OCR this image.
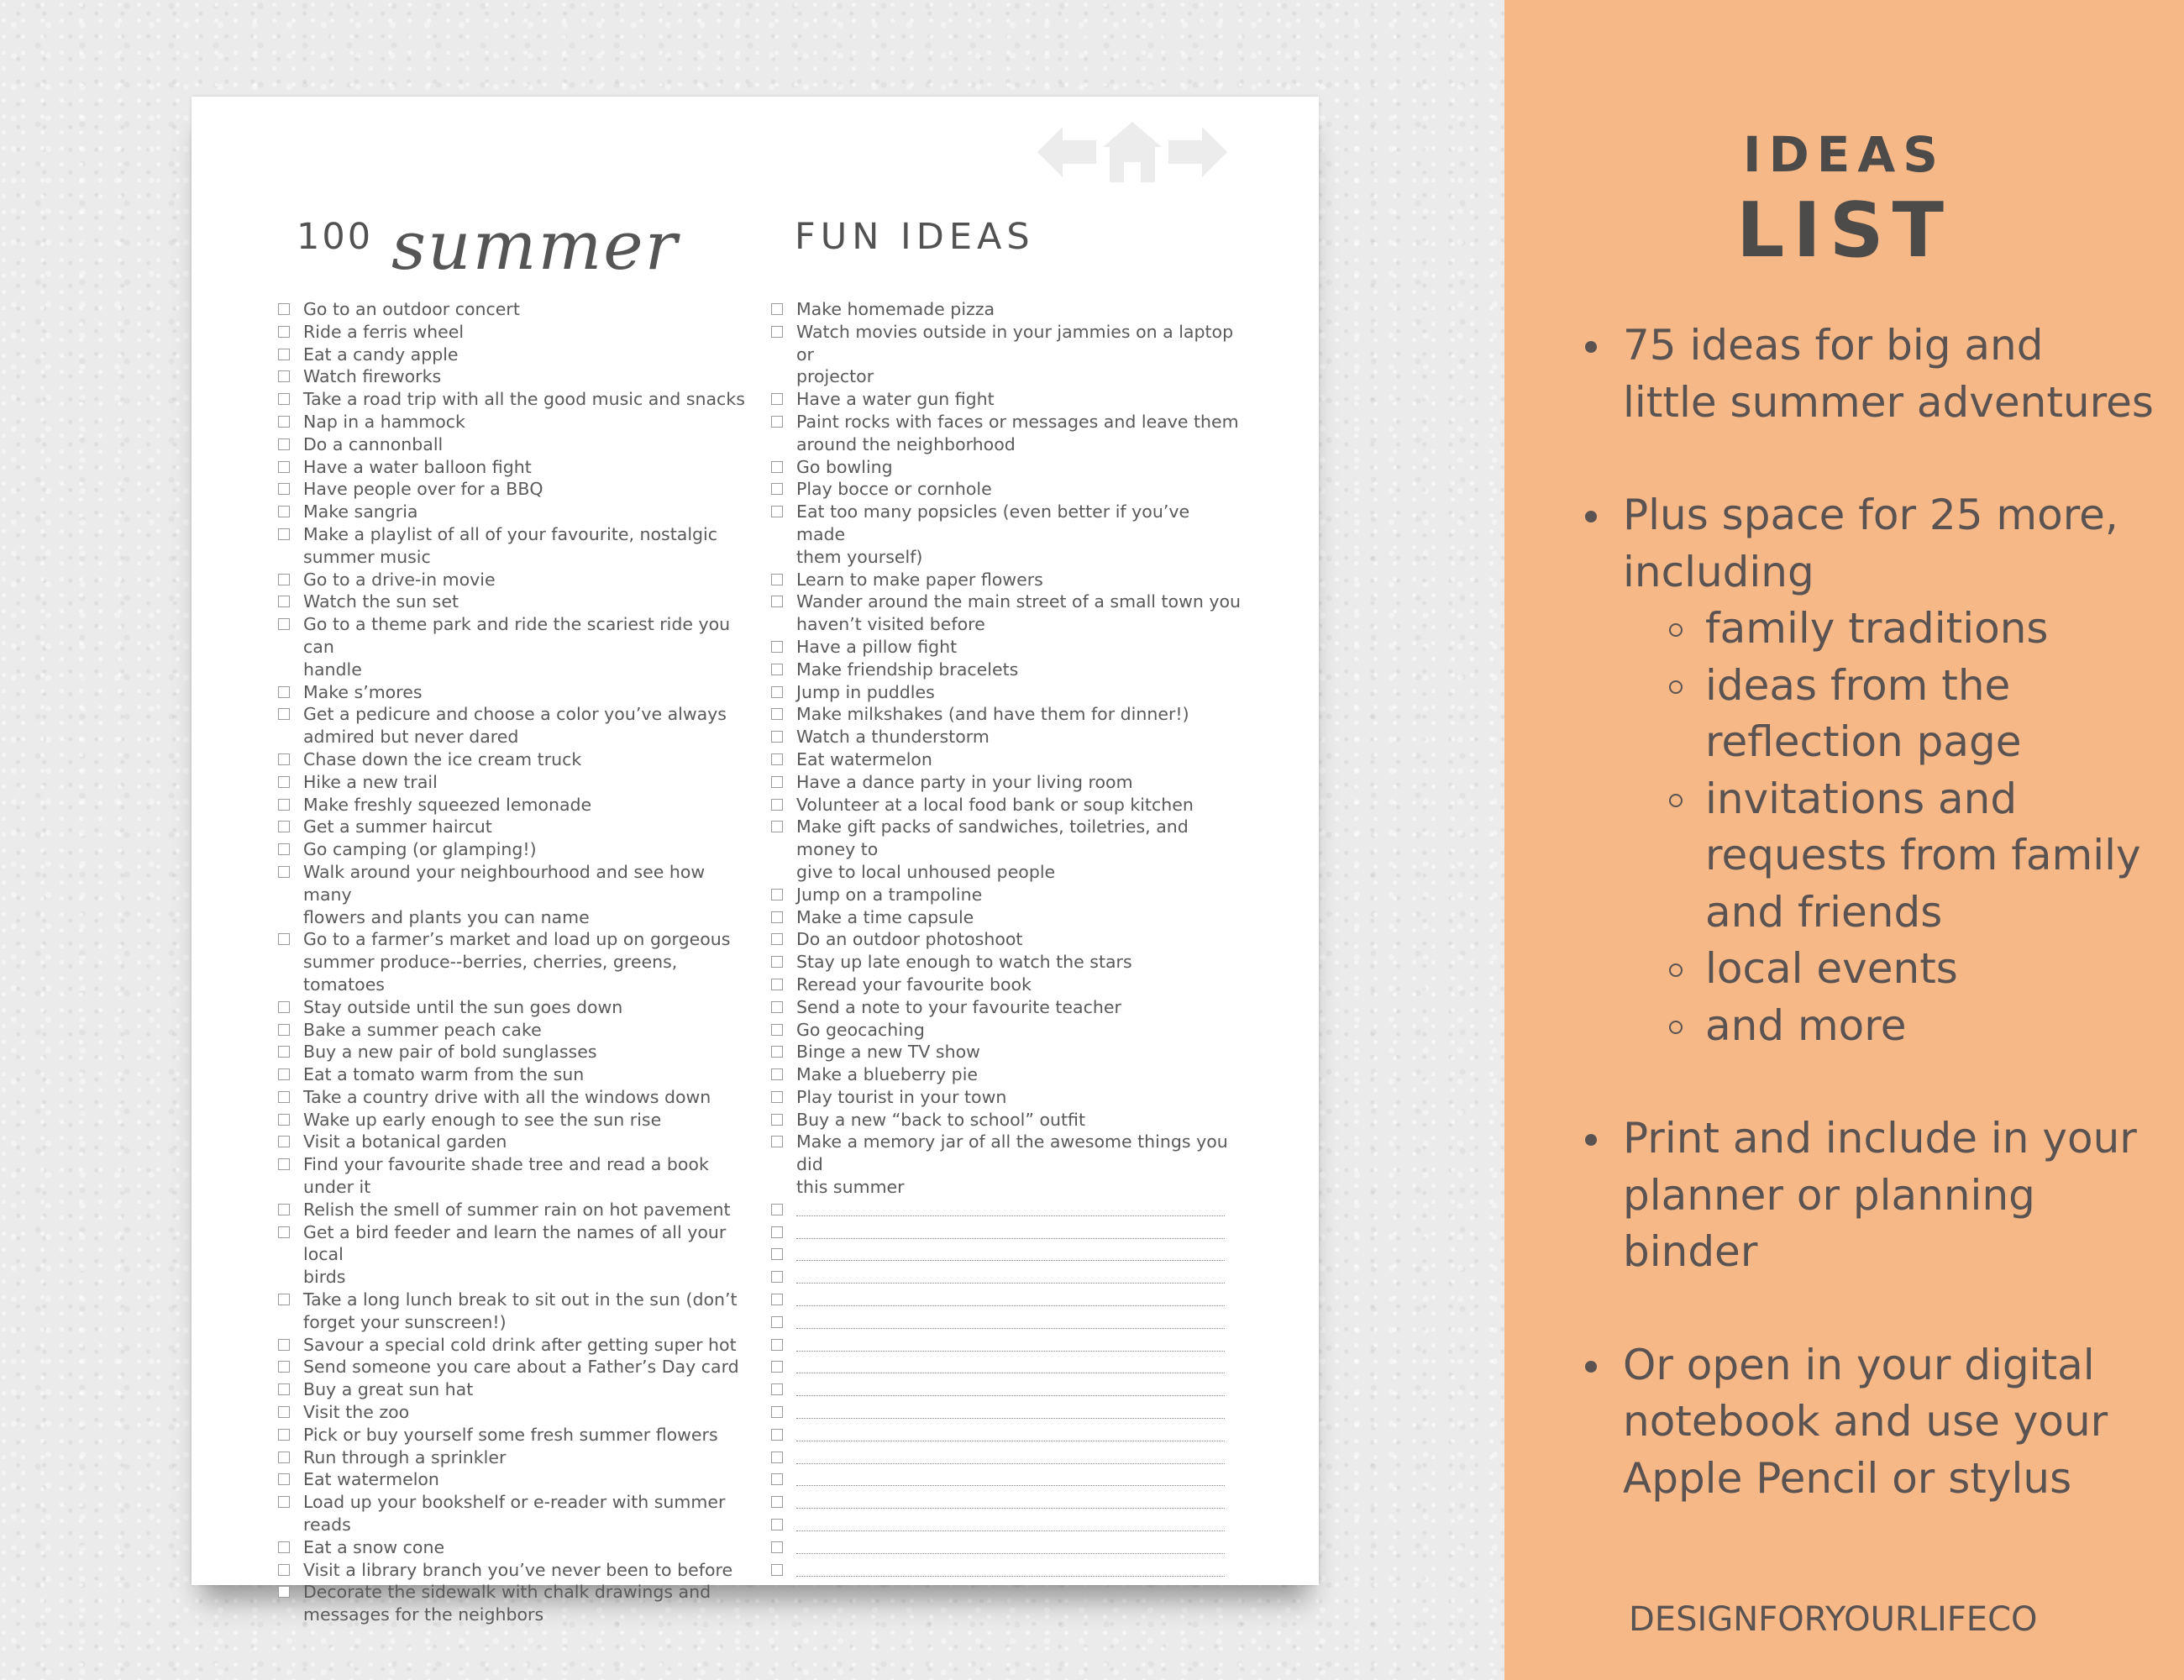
100 summer	FUN IDEAS
Go to an outdoor concert
Ride a ferris wheel
Eat a candy apple
Watch fireworks
Take a road trip with all the good music and snacks
Nap in a hammock
Do a cannonball
Have a water balloon fight
Have people over for a BBQ
Make sangria
Make a playlist of all of your favourite, nostalgic
summer music
Go to a drive-in movie
Watch the sun set
Go to a theme park and ride the scariest ride you can
handle
Make s’mores
Get a pedicure and choose a color you’ve always
admired but never dared
Chase down the ice cream truck
Hike a new trail
Make freshly squeezed lemonade
Get a summer haircut
Go camping (or glamping!)
Walk around your neighbourhood and see how many
flowers and plants you can name
Go to a farmer’s market and load up on gorgeous
summer produce--berries, cherries, greens, tomatoes
Stay outside until the sun goes down
Bake a summer peach cake
Buy a new pair of bold sunglasses
Eat a tomato warm from the sun
Take a country drive with all the windows down
Wake up early enough to see the sun rise
Visit a botanical garden
Find your favourite shade tree and read a book under it
Relish the smell of summer rain on hot pavement
Get a bird feeder and learn the names of all your local
birds
Take a long lunch break to sit out in the sun (don’t
forget your sunscreen!)
Savour a special cold drink after getting super hot
Send someone you care about a Father’s Day card
Buy a great sun hat
Visit the zoo
Pick or buy yourself some fresh summer flowers
Run through a sprinkler
Eat watermelon
Load up your bookshelf or e-reader with summer reads
Eat a snow cone
Visit a library branch you’ve never been to before
Decorate the sidewalk with chalk drawings and
messages for the neighbors
Make homemade pizza
Watch movies outside in your jammies on a laptop or
projector
Have a water gun fight
Paint rocks with faces or messages and leave them
around the neighborhood
Go bowling
Play bocce or cornhole
Eat too many popsicles (even better if you’ve made
them yourself)
Learn to make paper flowers
Wander around the main street of a small town you
haven’t visited before
Have a pillow fight
Make friendship bracelets
Jump in puddles
Make milkshakes (and have them for dinner!)
Watch a thunderstorm
Eat watermelon
Have a dance party in your living room
Volunteer at a local food bank or soup kitchen
Make gift packs of sandwiches, toiletries, and money to
give to local unhoused people
Jump on a trampoline
Make a time capsule
Do an outdoor photoshoot
Stay up late enough to watch the stars
Reread your favourite book
Send a note to your favourite teacher
Go geocaching
Binge a new TV show
Make a blueberry pie
Play tourist in your town
Buy a new “back to school” outfit
Make a memory jar of all the awesome things you did
this summer
IDEAS
LIST
75 ideas for big and
little summer adventures
Plus space for 25 more,
including
family traditions
ideas from the
reflection page
invitations and
requests from family
and friends
local events
and more
Print and include in your
planner or planning
binder
Or open in your digital
notebook and use your
Apple Pencil or stylus
DESIGNFORYOURLIFECO
